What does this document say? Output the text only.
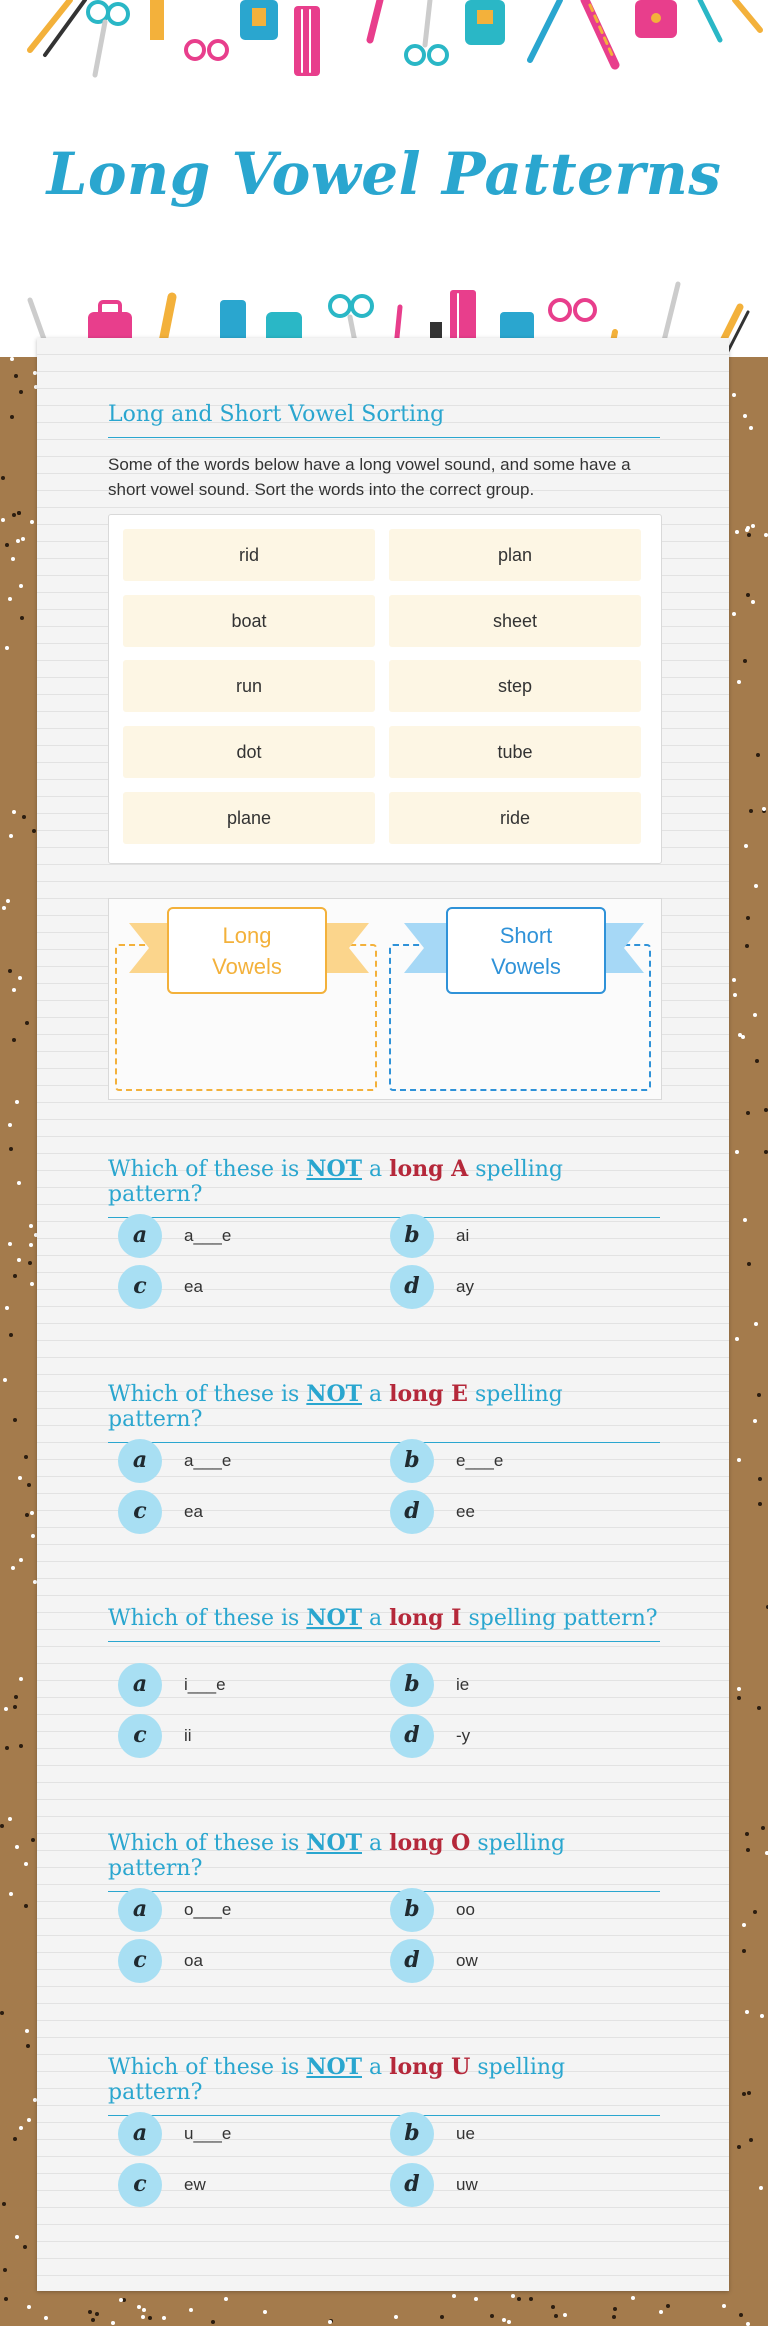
Long Vowel Patterns
Long and Short Vowel Sorting
Some of the words below have a long vowel sound, and some have a short vowel sound. Sort the words into the correct group.
rid	plan
boat	sheet
run	step
dot	tube
plane	ride
Long
Vowels
Short
Vowels
Which of these is NOT a long A spelling pattern?
a	a___e	b	ai
c	ea	d	ay
Which of these is NOT a long E spelling pattern?
a	a___e	b	e___e
c	ea	d	ee
Which of these is NOT a long I spelling pattern?
a	i___e	b	ie
c	ii	d	-y
Which of these is NOT a long O spelling pattern?
a	o___e	b	oo
c	oa	d	ow
Which of these is NOT a long U spelling pattern?
a	u___e	b	ue
c	ew	d	uw
